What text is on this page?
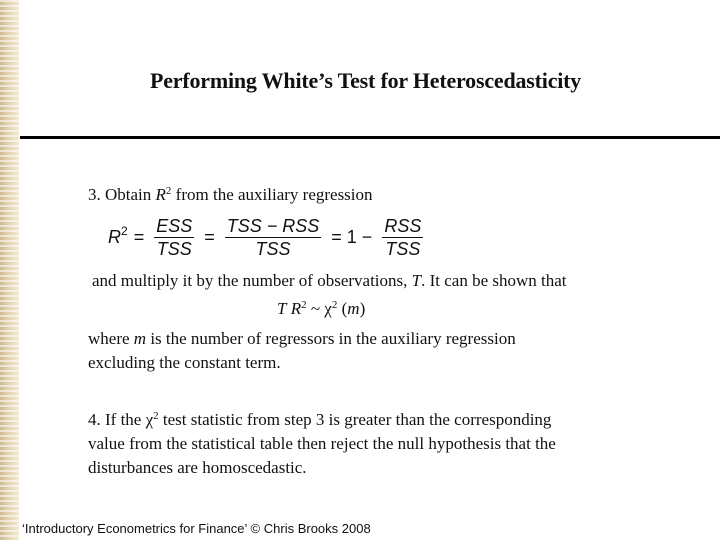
Performing White’s Test for Heteroscedasticity
3. Obtain $R^2$ from the auxiliary regression
$R^2 = \frac{\text{ESS}}{\text{TSS}} = \frac{\text{TSS − RSS}}{\text{TSS}} = 1 - \frac{\text{RSS}}{\text{TSS}}$
and multiply it by the number of observations, T. It can be shown that
T $R^2$ ~ $\chi^2$ (m)
where m is the number of regressors in the auxiliary regression
excluding the constant term.
4. If the $\chi^2$ test statistic from step 3 is greater than the corresponding
value from the statistical table then reject the null hypothesis that the
disturbances are homoscedastic.
‘Introductory Econometrics for Finance’ © Chris Brooks 2008
